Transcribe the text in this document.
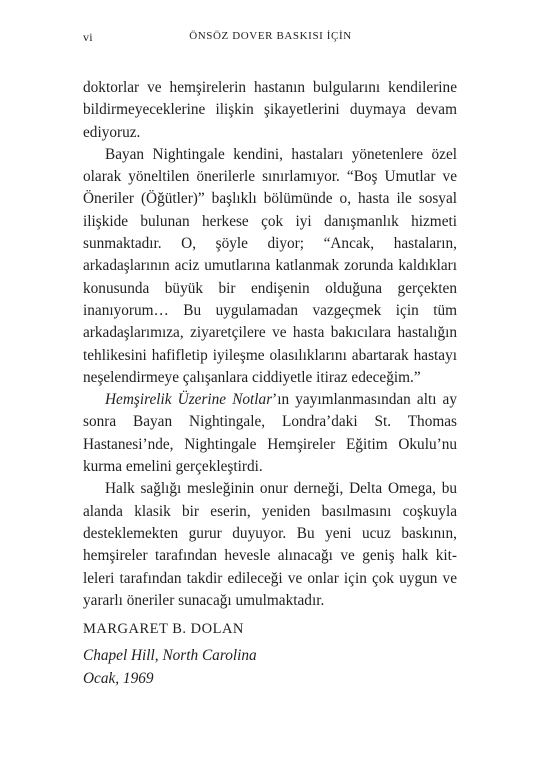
vi	ÖNSÖZ DOVER BASKISI İÇİN

doktorlar ve hemşirelerin hastanın bulgularını kendilerine bildirmeyeceklerine ilişkin şikayetlerini duymaya devam ediyoruz.

Bayan Nightingale kendini, hastaları yönetenlere özel olarak yöneltilen önerilerle sınırlamıyor. “Boş Umutlar ve Öneriler (Öğütler)” başlıklı bölümünde o, hasta ile sosyal ilişkide bulunan herkese çok iyi danışmanlık hizmeti sunmaktadır. O, şöyle diyor; “Ancak, hastaların, arkadaşlarının aciz umutlarına katlanmak zorunda kaldıkları konusunda büyük bir endişenin olduğuna gerçekten inanıyorum… Bu uygulamadan vazgeçmek için tüm arkadaşlarımıza, ziyaretçilere ve hasta bakıcılara hastalığın tehlikesini hafifletip iyileşme olasılıklarını abartarak hastayı neşelendirmeye çalışanlara ciddiyetle itiraz edeceğim.”

Hemşirelik Üzerine Notlar’ın yayımlanmasından altı ay sonra Bayan Nightingale, Londra’daki St. Thomas Hastanesi’nde, Nightingale Hemşireler Eğitim Okulu’nu kurma emelini gerçekleştirdi.

Halk sağlığı mesleğinin onur derneği, Delta Omega, bu alanda klasik bir eserin, yeniden basılmasını coşkuyla desteklemekten gurur duyuyor. Bu yeni ucuz baskının, hemşireler tarafından hevesle alınacağı ve geniş halk kitleleri tarafından takdir edileceği ve onlar için çok uygun ve yararlı öneriler sunacağı umulmaktadır.

MARGARET B. DOLAN

Chapel Hill, North Carolina
Ocak, 1969
